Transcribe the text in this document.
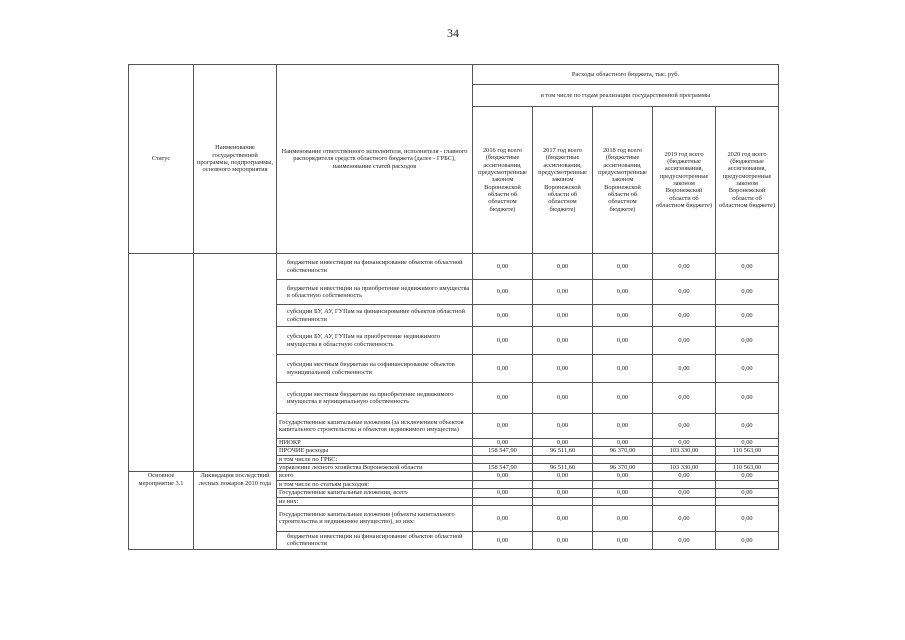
34
Статус	Наименование государственной программы, подпрограммы, основного мероприятия	Наименование ответственного исполнителя, исполнителя - главного распорядителя средств областного бюджета (далее - ГРБС), наименование статей расходов	Расходы областного бюджета, тыс. руб.				
			в том числе по годам реализации государственной программы				
			2016 год всего (бюджетные ассигнования, предусмотренные законом Воронежской области об областном бюджете)	2017 год всего (бюджетные ассигнования, предусмотренные законом Воронежской области об областном бюджете)	2018 год всего (бюджетные ассигнования, предусмотренные законом Воронежской области об областном бюджете)	2019 год всего (бюджетные ассигнования, предусмотренные законом Воронежской области об областном бюджете)	2020 год всего (бюджетные ассигнования, предусмотренные законом Воронежской области об областном бюджете)
		бюджетные инвестиции на финансирование объектов областной собственности	0,00	0,00	0,00	0,00	0,00
		бюджетные инвестиции на приобретение недвижимого имущества в областную собственность	0,00	0,00	0,00	0,00	0,00
		субсидии БУ, АУ, ГУПам на финансирование объектов областной собственности	0,00	0,00	0,00	0,00	0,00
		субсидии БУ, АУ, ГУПам на приобретение недвижимого имущества в областную собственность	0,00	0,00	0,00	0,00	0,00
		субсидии местным бюджетам на софинансирование объектов муниципальной собственности	0,00	0,00	0,00	0,00	0,00
		субсидии местным бюджетам на приобретение недвижимого имущества в муниципальную собственность	0,00	0,00	0,00	0,00	0,00
		Государственные капитальные вложения (за исключением объектов капитального строительства и объектов недвижимого имущества)	0,00	0,00	0,00	0,00	0,00
		НИОКР	0,00	0,00	0,00	0,00	0,00
		ПРОЧИЕ расходы	158 547,90	96 511,60	96 370,00	103 330,00	110 563,00
		в том числе по ГРБС:					
		управление лесного хозяйства Воронежской области	158 547,90	96 511,60	96 370,00	103 330,00	110 563,00
Основное мероприятие 3.1	Ликвидация последствий лесных пожаров 2010 года	всего	0,00	0,00	0,00	0,00	0,00
		в том числе по статьям расходов:					
		Государственные капитальные вложения, всего	0,00	0,00	0,00	0,00	0,00
		из них:					
		Государственные капитальные вложения (объекты капитального строительства и недвижимое имущество), из них:	0,00	0,00	0,00	0,00	0,00
		бюджетные инвестиции на финансирование объектов областной собственности	0,00	0,00	0,00	0,00	0,00
